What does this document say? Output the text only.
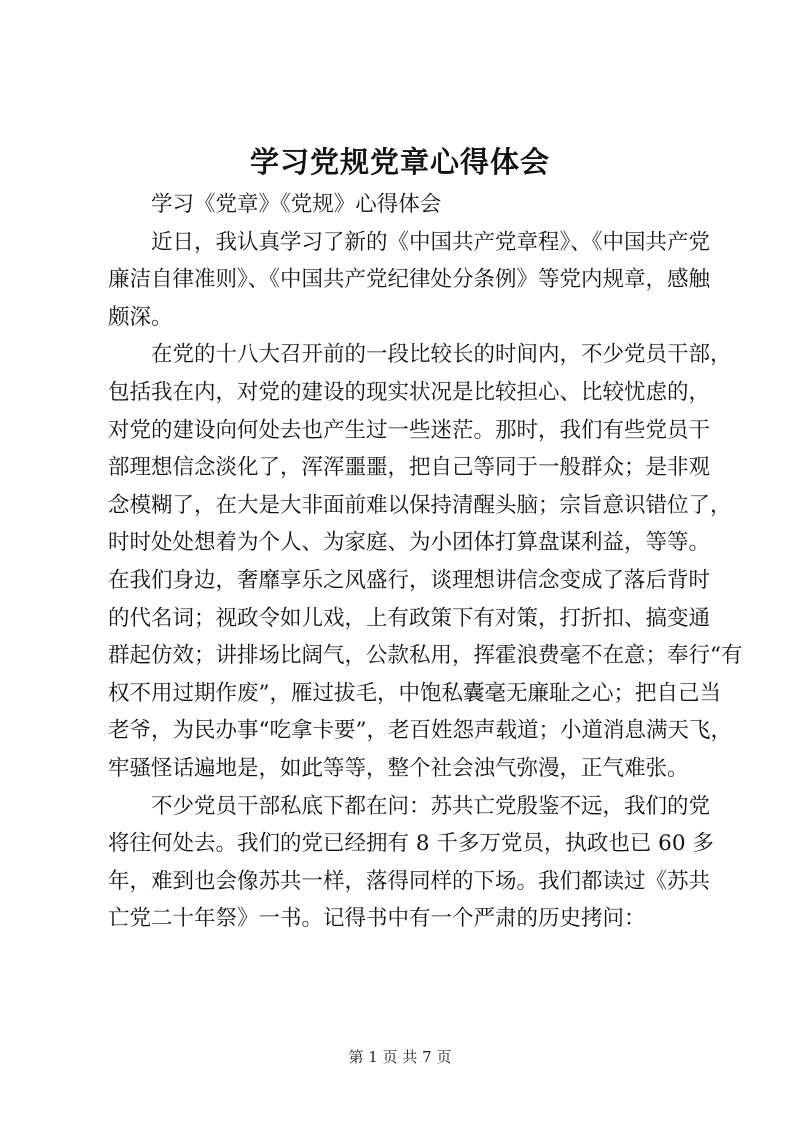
学习党规党章心得体会
学习《党章》《党规》心得体会
近日，我认真学习了新的《中国共产党章程》、《中国共产党
廉洁自律准则》、《中国共产党纪律处分条例》等党内规章，感触
颇深。
在党的十八大召开前的一段比较长的时间内，不少党员干部，
包括我在内，对党的建设的现实状况是比较担心、比较忧虑的，
对党的建设向何处去也产生过一些迷茫。那时，我们有些党员干
部理想信念淡化了，浑浑噩噩，把自己等同于一般群众；是非观
念模糊了，在大是大非面前难以保持清醒头脑；宗旨意识错位了，
时时处处想着为个人、为家庭、为小团体打算盘谋利益，等等。
在我们身边，奢靡享乐之风盛行，谈理想讲信念变成了落后背时
的代名词；视政令如儿戏，上有政策下有对策，打折扣、搞变通
群起仿效；讲排场比阔气，公款私用，挥霍浪费毫不在意；奉行“有
权不用过期作废”，雁过拔毛，中饱私囊毫无廉耻之心；把自己当
老爷，为民办事“吃拿卡要”，老百姓怨声载道；小道消息满天飞，
牢骚怪话遍地是，如此等等，整个社会浊气弥漫，正气难张。
不少党员干部私底下都在问：苏共亡党殷鉴不远，我们的党
将往何处去。我们的党已经拥有 8 千多万党员，执政也已 60 多
年，难到也会像苏共一样，落得同样的下场。我们都读过《苏共
亡党二十年祭》一书。记得书中有一个严肃的历史拷问：
第 1 页 共 7 页
